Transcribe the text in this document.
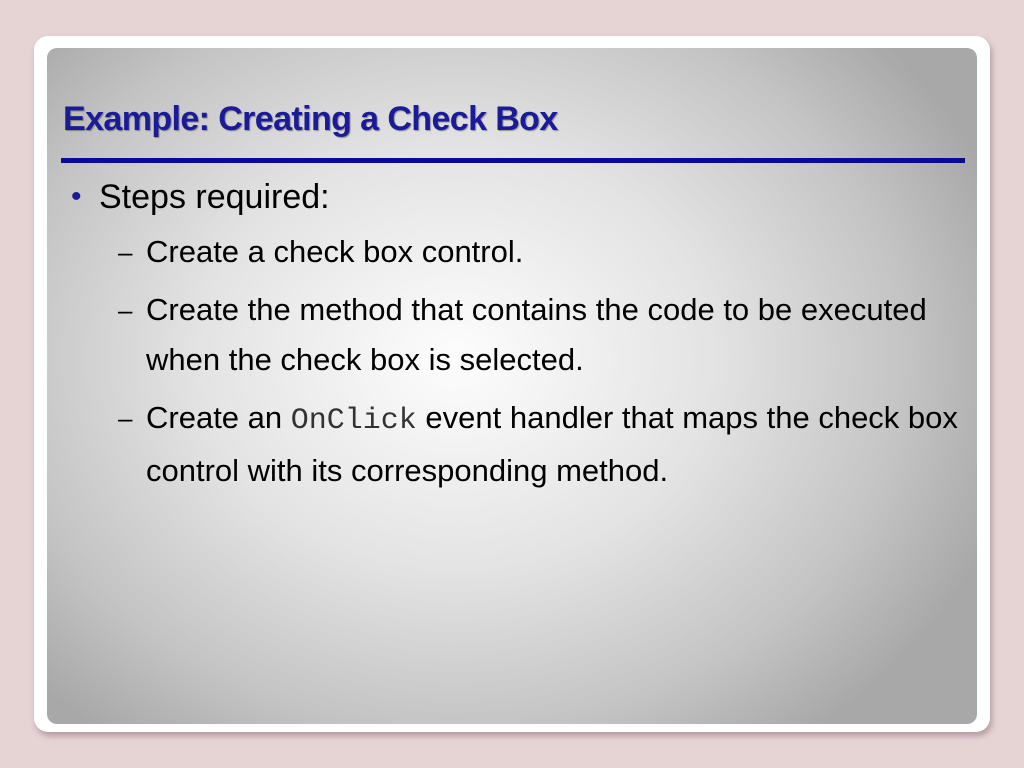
Example: Creating a Check Box
• Steps required:
– Create a check box control.
– Create the method that contains the code to be executed when the check box is selected.
– Create an OnClick event handler that maps the check box control with its corresponding method.
